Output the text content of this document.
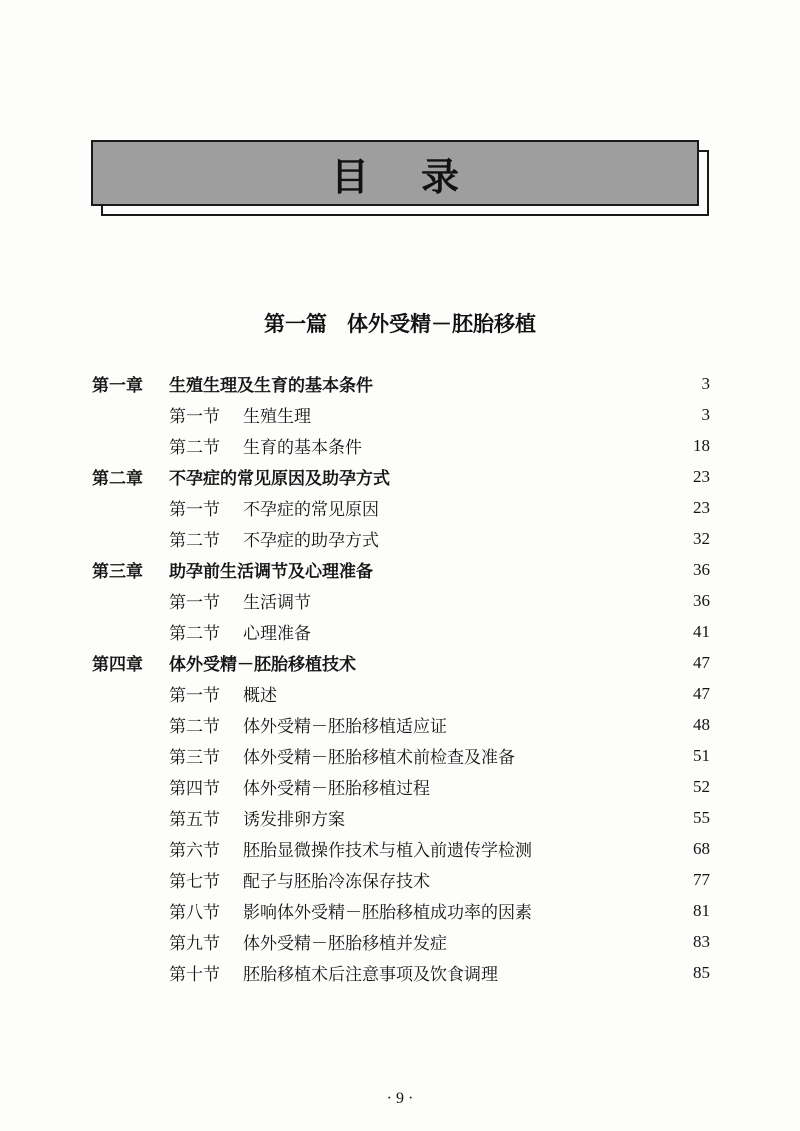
目录
第一篇 体外受精－胚胎移植
第一章	生殖生理及生育的基本条件	3
第一节	生殖生理	3
第二节	生育的基本条件	18
第二章	不孕症的常见原因及助孕方式	23
第一节	不孕症的常见原因	23
第二节	不孕症的助孕方式	32
第三章	助孕前生活调节及心理准备	36
第一节	生活调节	36
第二节	心理准备	41
第四章	体外受精－胚胎移植技术	47
第一节	概述	47
第二节	体外受精－胚胎移植适应证	48
第三节	体外受精－胚胎移植术前检查及准备	51
第四节	体外受精－胚胎移植过程	52
第五节	诱发排卵方案	55
第六节	胚胎显微操作技术与植入前遗传学检测	68
第七节	配子与胚胎冷冻保存技术	77
第八节	影响体外受精－胚胎移植成功率的因素	81
第九节	体外受精－胚胎移植并发症	83
第十节	胚胎移植术后注意事项及饮食调理	85
· 9 ·
